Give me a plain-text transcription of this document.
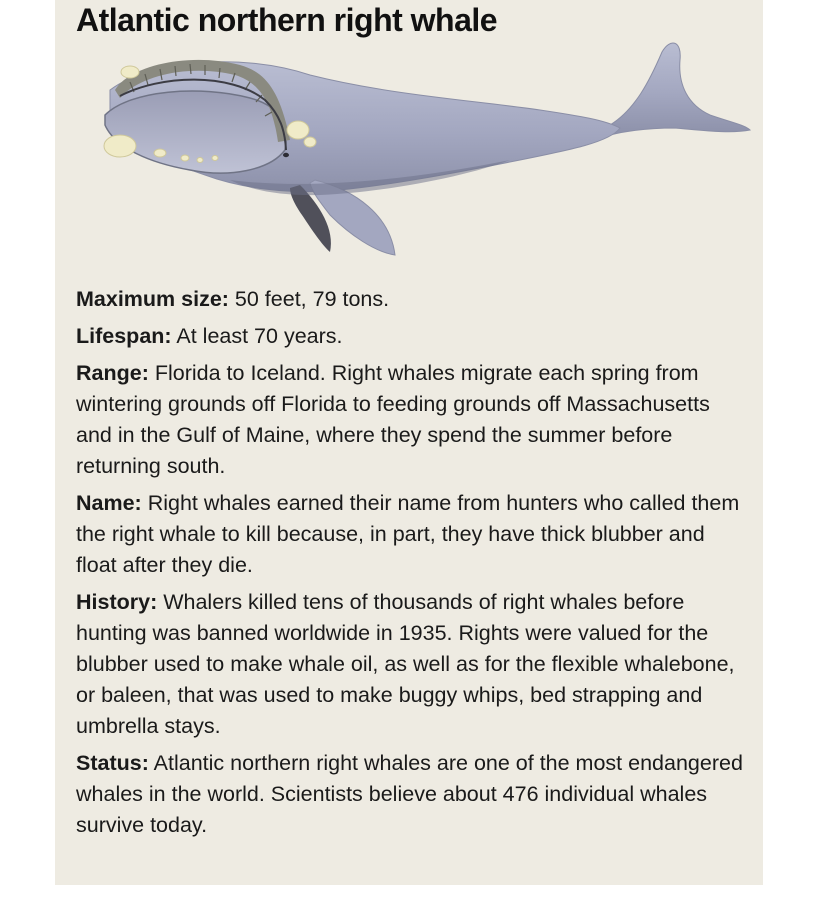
Atlantic northern right whale

Maximum size: 50 feet, 79 tons.

Lifespan: At least 70 years.

Range: Florida to Iceland. Right whales migrate each spring from wintering grounds off Florida to feeding grounds off Massachusetts and in the Gulf of Maine, where they spend the summer before returning south.

Name: Right whales earned their name from hunters who called them the right whale to kill because, in part, they have thick blubber and float after they die.

History: Whalers killed tens of thousands of right whales before hunting was banned worldwide in 1935. Rights were valued for the blubber used to make whale oil, as well as for the flexible whalebone, or baleen, that was used to make buggy whips, bed strapping and umbrella stays.

Status: Atlantic northern right whales are one of the most endangered whales in the world. Scientists believe about 476 individual whales survive today.
